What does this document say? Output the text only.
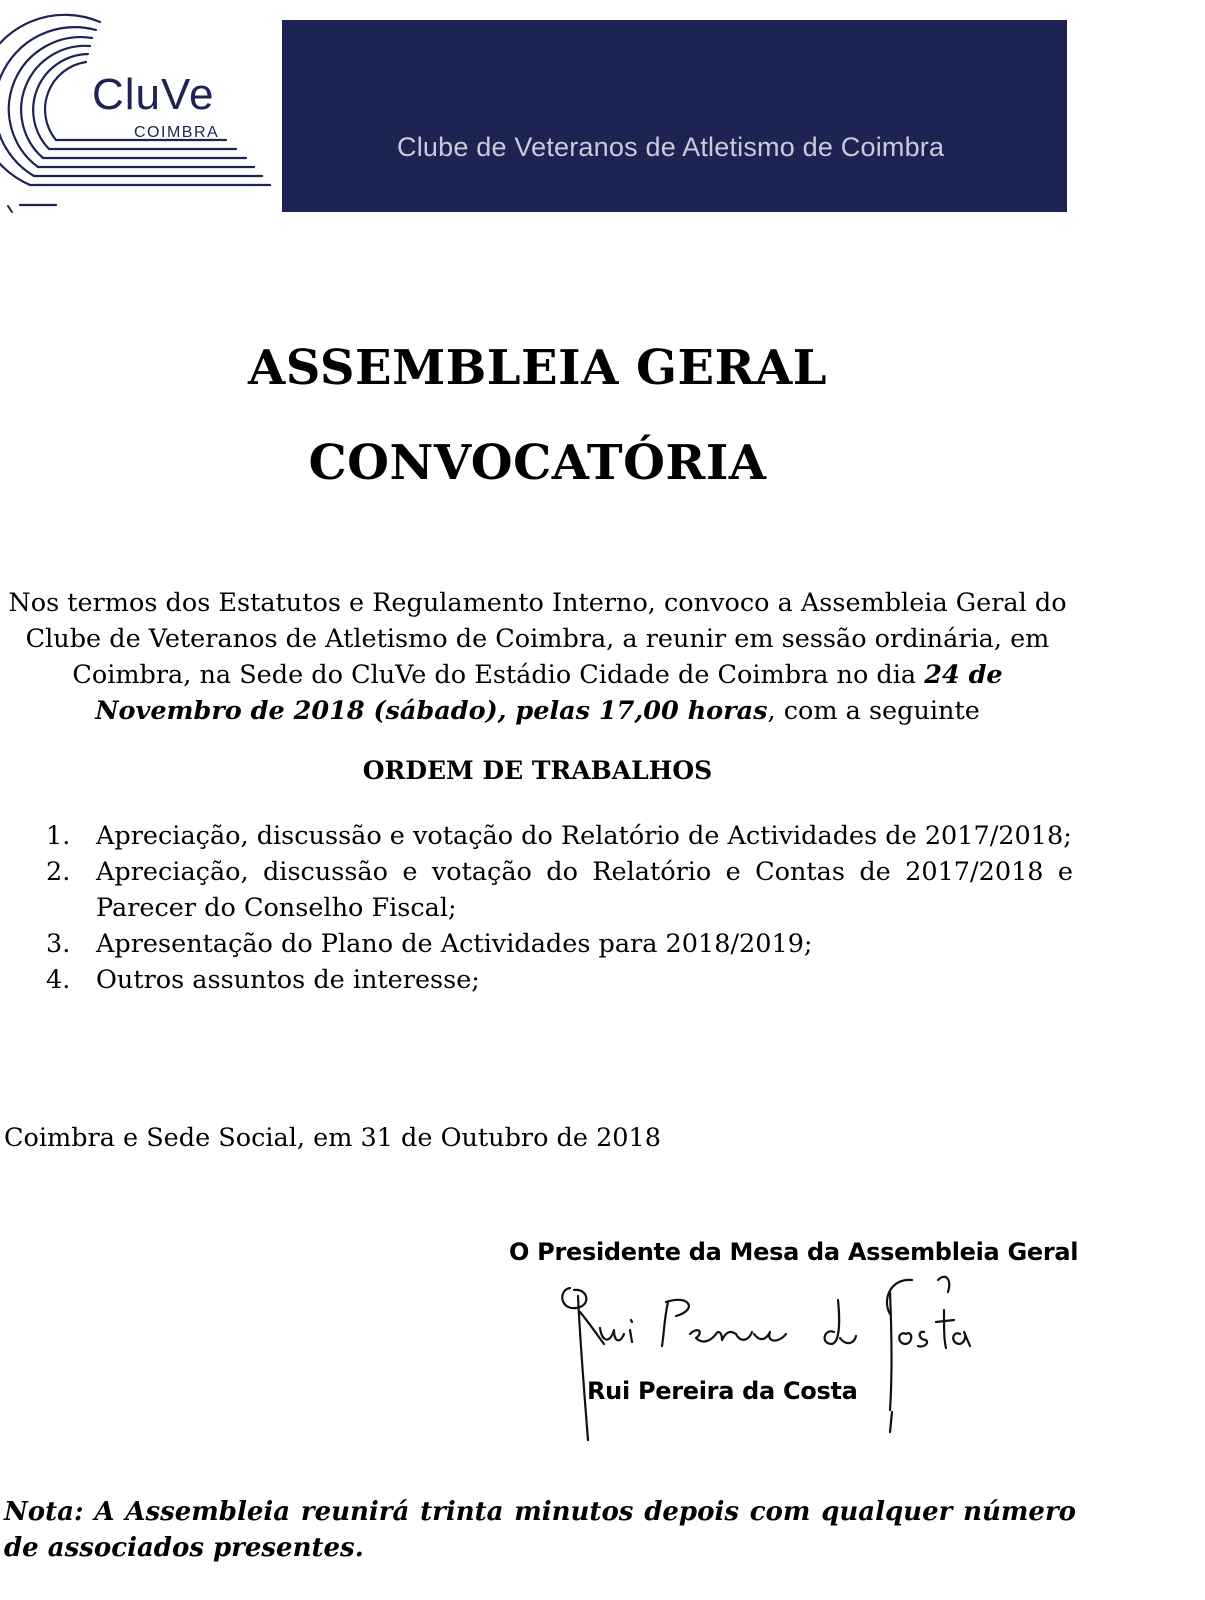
Clube de Veteranos de Atletismo de Coimbra
CluVe
COIMBRA
ASSEMBLEIA GERAL
CONVOCATÓRIA
Nos termos dos Estatutos e Regulamento Interno, convoco a Assembleia Geral do Clube de Veteranos de Atletismo de Coimbra, a reunir em sessão ordinária, em Coimbra, na Sede do CluVe do Estádio Cidade de Coimbra no dia 24 de Novembro de 2018 (sábado), pelas 17,00 horas, com a seguinte
ORDEM DE TRABALHOS
1. Apreciação, discussão e votação do Relatório de Actividades de 2017/2018;
2. Apreciação, discussão e votação do Relatório e Contas de 2017/2018 e Parecer do Conselho Fiscal;
3. Apresentação do Plano de Actividades para 2018/2019;
4. Outros assuntos de interesse;
Coimbra e Sede Social, em 31 de Outubro de 2018
O Presidente da Mesa da Assembleia Geral
Rui Pereira da Costa
Nota: A Assembleia reunirá trinta minutos depois com qualquer número de associados presentes.
